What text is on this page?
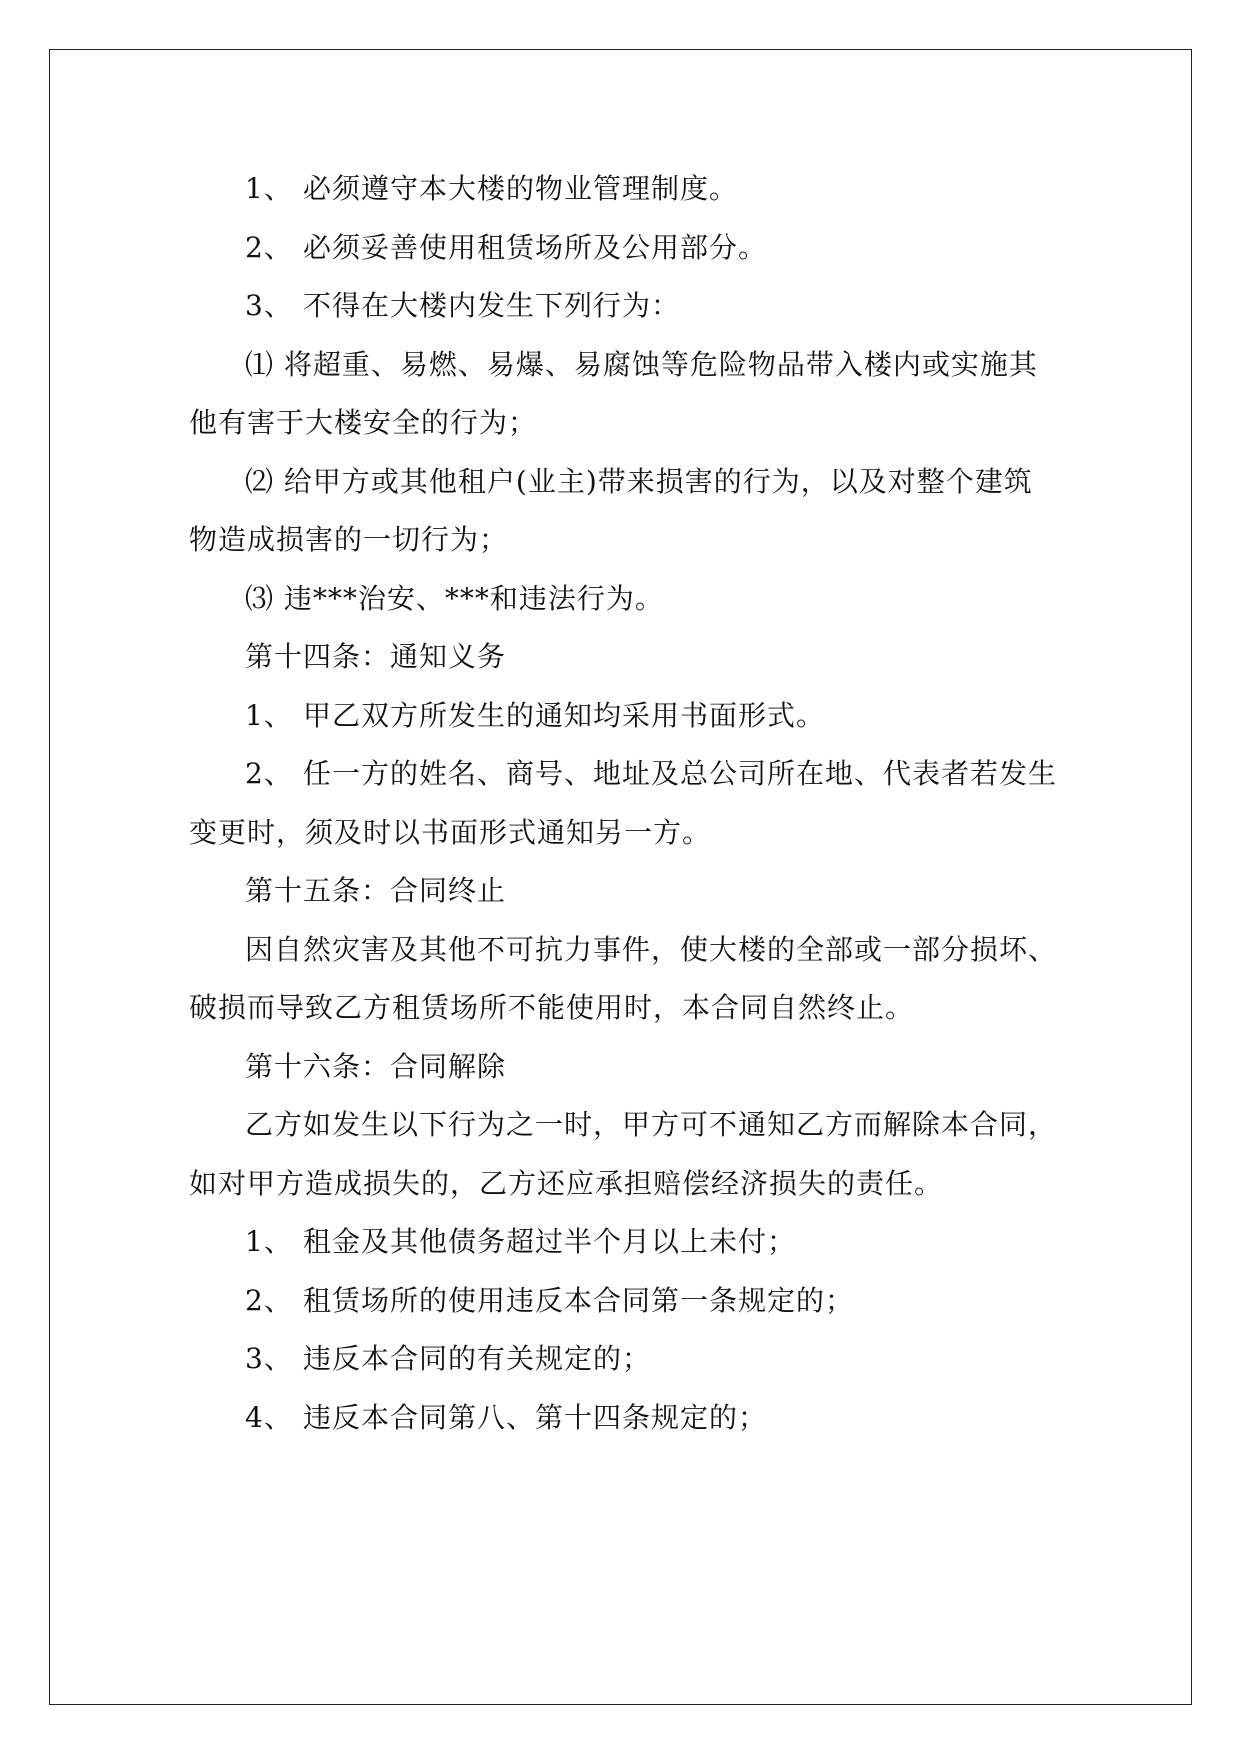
1、 必须遵守本大楼的物业管理制度。
2、 必须妥善使用租赁场所及公用部分。
3、 不得在大楼内发生下列行为：
⑴ 将超重、易燃、易爆、易腐蚀等危险物品带入楼内或实施其
他有害于大楼安全的行为；
⑵ 给甲方或其他租户(业主)带来损害的行为，以及对整个建筑
物造成损害的一切行为；
⑶ 违***治安、***和违法行为。
第十四条：通知义务
1、 甲乙双方所发生的通知均采用书面形式。
2、 任一方的姓名、商号、地址及总公司所在地、代表者若发生
变更时，须及时以书面形式通知另一方。
第十五条：合同终止
因自然灾害及其他不可抗力事件，使大楼的全部或一部分损坏、
破损而导致乙方租赁场所不能使用时，本合同自然终止。
第十六条：合同解除
乙方如发生以下行为之一时，甲方可不通知乙方而解除本合同，
如对甲方造成损失的，乙方还应承担赔偿经济损失的责任。
1、 租金及其他债务超过半个月以上未付；
2、 租赁场所的使用违反本合同第一条规定的；
3、 违反本合同的有关规定的；
4、 违反本合同第八、第十四条规定的；
